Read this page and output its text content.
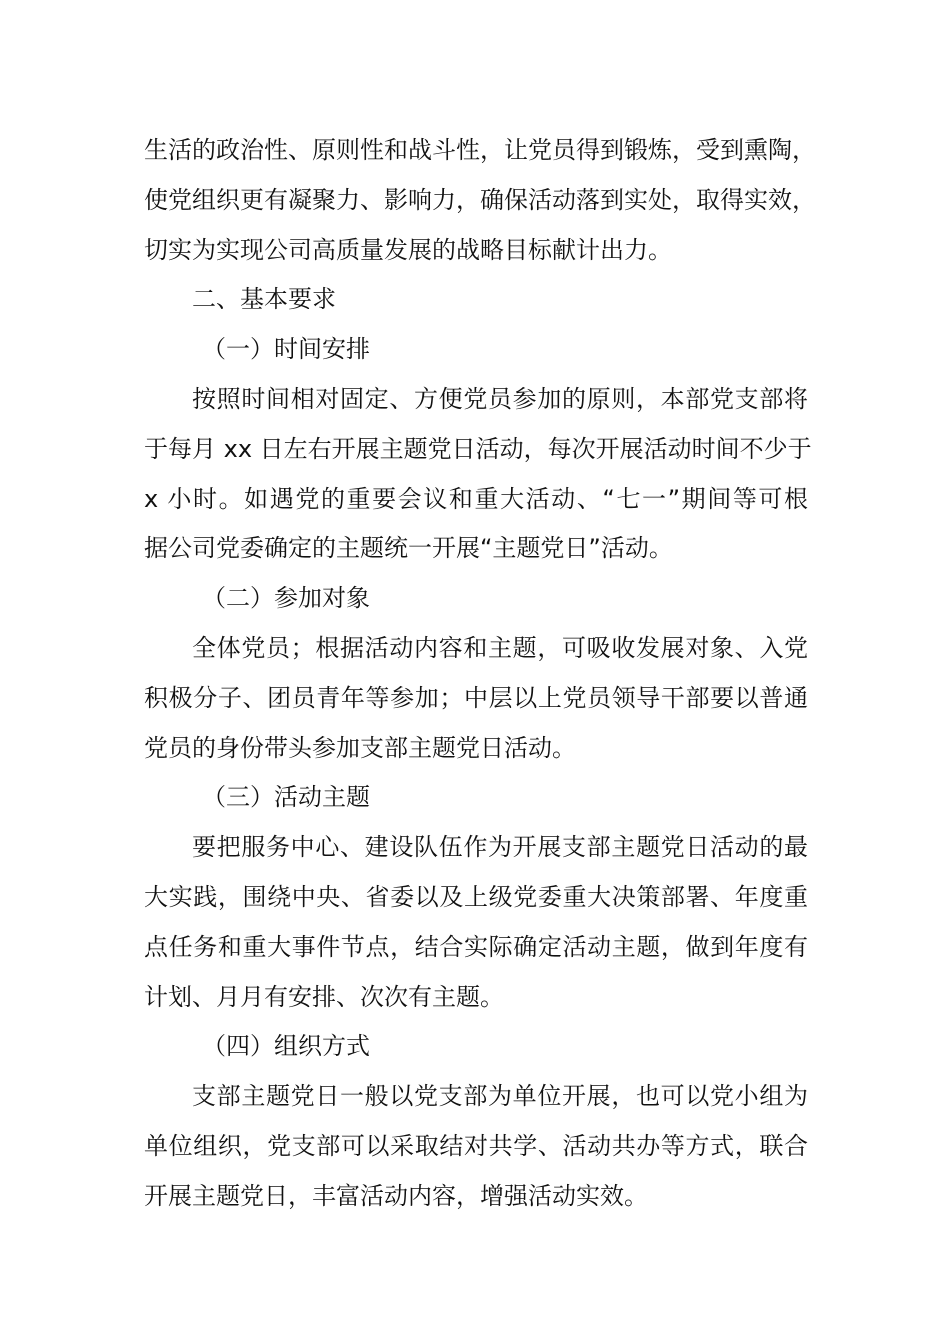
生活的政治性、原则性和战斗性，让党员得到锻炼，受到熏陶，
使党组织更有凝聚力、影响力，确保活动落到实处，取得实效，
切实为实现公司高质量发展的战略目标献计出力。
二、基本要求
（一）时间安排
按照时间相对固定、方便党员参加的原则，本部党支部将
于每月 xx 日左右开展主题党日活动，每次开展活动时间不少于
x 小时。如遇党的重要会议和重大活动、“七一”期间等可根
据公司党委确定的主题统一开展“主题党日”活动。
（二）参加对象
全体党员；根据活动内容和主题，可吸收发展对象、入党
积极分子、团员青年等参加；中层以上党员领导干部要以普通
党员的身份带头参加支部主题党日活动。
（三）活动主题
要把服务中心、建设队伍作为开展支部主题党日活动的最
大实践，围绕中央、省委以及上级党委重大决策部署、年度重
点任务和重大事件节点，结合实际确定活动主题，做到年度有
计划、月月有安排、次次有主题。
（四）组织方式
支部主题党日一般以党支部为单位开展，也可以党小组为
单位组织，党支部可以采取结对共学、活动共办等方式，联合
开展主题党日，丰富活动内容，增强活动实效。
